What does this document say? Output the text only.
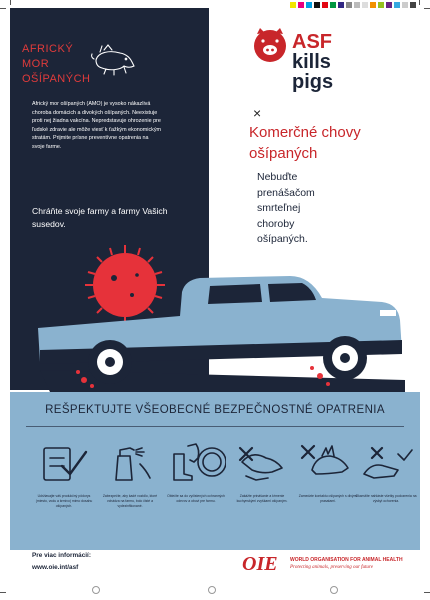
AFRICKÝ
MOR
OŠÍPANÝCH
Africký mor ošípaných (AMO) je vysoko nákazlivá choroba domácich a divokých ošípaných. Neexistuje proti nej žiadna vakcína. Nepredstavuje ohrozenie pre ľudské zdravie ale môže viesť k ťažkým ekonomickým stratám. Prijmite prísne preventívne opatrenia na svoje farme.
Chráňte svoje farmy a farmy Vašich susedov.
ASF
kills
pigs
×
Komerčné chovy
ošípaných
Nebuďte
prenášačom
smrteľnej
choroby
ošípaných.
REŠPEKTUJTE VŠEOBECNÉ BEZPEČNOSTNÉ OPATRENIA
Udržiavajte váš produkčný pôdorys (miesto, vodu a krmivo) mimo dosahu ošípaných.
Zabezpečte, aby kadé vozidlo, ktoré vchádza na farmu, bolo čisté a vydezinfikované.
Oblečte sa do vyčistených ochranných odevov a obuvi pre farmu.
Zakážte prinášanie a kŕmenie kuchynskými zvyškami ošípaným.
Zamedzte kontaktu ošípaných s divými prasatami.
Okamžite nahláste všetky podozrenia na výskyt ochorenia.
Pre viac informácií:
www.oie.int/asf	OIE WORLD ORGANISATION FOR ANIMAL HEALTH
Protecting animals, preserving our future
